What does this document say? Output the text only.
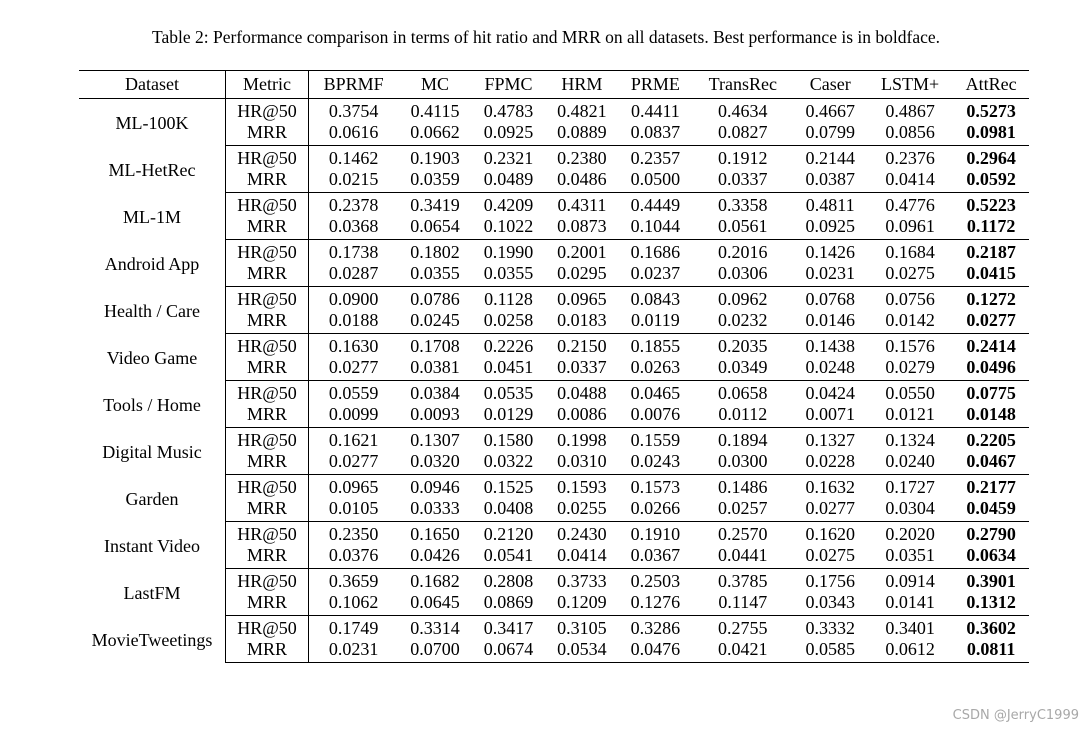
Table 2: Performance comparison in terms of hit ratio and MRR on all datasets. Best performance is in boldface.
Dataset	Metric	BPRMF	MC	FPMC	HRM	PRME	TransRec	Caser	LSTM+	AttRec
ML-100K	HR@50	0.3754	0.4115	0.4783	0.4821	0.4411	0.4634	0.4667	0.4867	0.5273
	MRR	0.0616	0.0662	0.0925	0.0889	0.0837	0.0827	0.0799	0.0856	0.0981
ML-HetRec	HR@50	0.1462	0.1903	0.2321	0.2380	0.2357	0.1912	0.2144	0.2376	0.2964
	MRR	0.0215	0.0359	0.0489	0.0486	0.0500	0.0337	0.0387	0.0414	0.0592
ML-1M	HR@50	0.2378	0.3419	0.4209	0.4311	0.4449	0.3358	0.4811	0.4776	0.5223
	MRR	0.0368	0.0654	0.1022	0.0873	0.1044	0.0561	0.0925	0.0961	0.1172
Android App	HR@50	0.1738	0.1802	0.1990	0.2001	0.1686	0.2016	0.1426	0.1684	0.2187
	MRR	0.0287	0.0355	0.0355	0.0295	0.0237	0.0306	0.0231	0.0275	0.0415
Health / Care	HR@50	0.0900	0.0786	0.1128	0.0965	0.0843	0.0962	0.0768	0.0756	0.1272
	MRR	0.0188	0.0245	0.0258	0.0183	0.0119	0.0232	0.0146	0.0142	0.0277
Video Game	HR@50	0.1630	0.1708	0.2226	0.2150	0.1855	0.2035	0.1438	0.1576	0.2414
	MRR	0.0277	0.0381	0.0451	0.0337	0.0263	0.0349	0.0248	0.0279	0.0496
Tools / Home	HR@50	0.0559	0.0384	0.0535	0.0488	0.0465	0.0658	0.0424	0.0550	0.0775
	MRR	0.0099	0.0093	0.0129	0.0086	0.0076	0.0112	0.0071	0.0121	0.0148
Digital Music	HR@50	0.1621	0.1307	0.1580	0.1998	0.1559	0.1894	0.1327	0.1324	0.2205
	MRR	0.0277	0.0320	0.0322	0.0310	0.0243	0.0300	0.0228	0.0240	0.0467
Garden	HR@50	0.0965	0.0946	0.1525	0.1593	0.1573	0.1486	0.1632	0.1727	0.2177
	MRR	0.0105	0.0333	0.0408	0.0255	0.0266	0.0257	0.0277	0.0304	0.0459
Instant Video	HR@50	0.2350	0.1650	0.2120	0.2430	0.1910	0.2570	0.1620	0.2020	0.2790
	MRR	0.0376	0.0426	0.0541	0.0414	0.0367	0.0441	0.0275	0.0351	0.0634
LastFM	HR@50	0.3659	0.1682	0.2808	0.3733	0.2503	0.3785	0.1756	0.0914	0.3901
	MRR	0.1062	0.0645	0.0869	0.1209	0.1276	0.1147	0.0343	0.0141	0.1312
MovieTweetings	HR@50	0.1749	0.3314	0.3417	0.3105	0.3286	0.2755	0.3332	0.3401	0.3602
	MRR	0.0231	0.0700	0.0674	0.0534	0.0476	0.0421	0.0585	0.0612	0.0811
CSDN @JerryC1999
